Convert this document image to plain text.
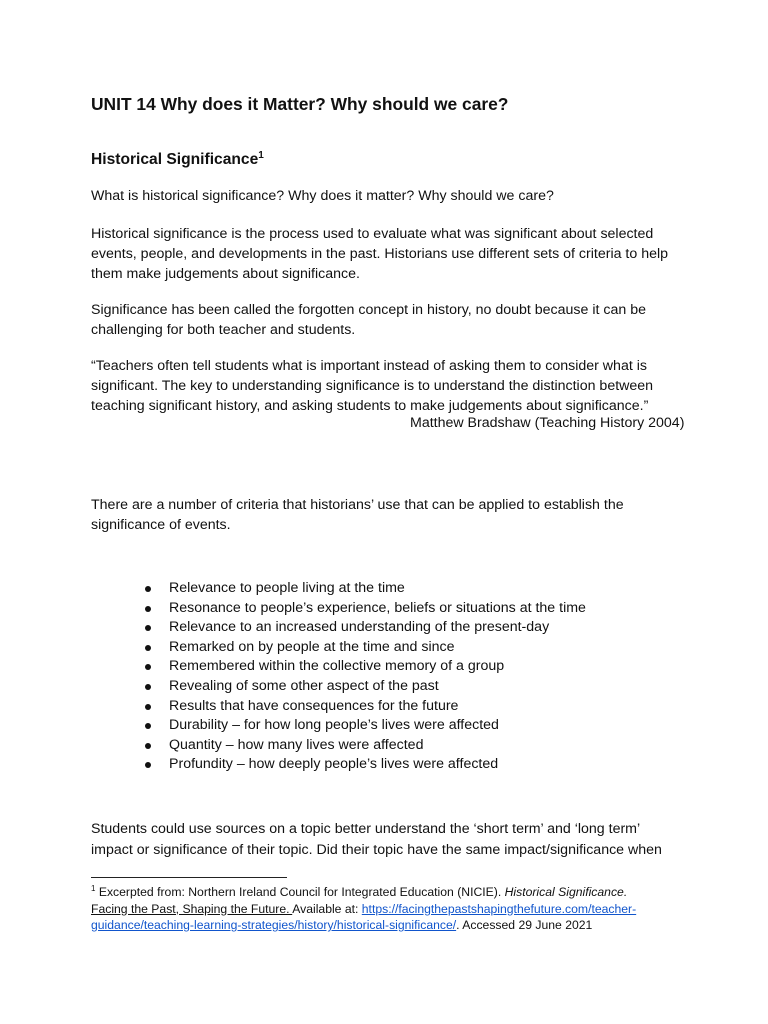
UNIT 14 Why does it Matter? Why should we care?
Historical Significance$^1$
What is historical significance? Why does it matter? Why should we care?
Historical significance is the process used to evaluate what was significant about selected
events, people, and developments in the past. Historians use different sets of criteria to help
them make judgements about significance.
Significance has been called the forgotten concept in history, no doubt because it can be
challenging for both teacher and students.
“Teachers often tell students what is important instead of asking them to consider what is
significant. The key to understanding significance is to understand the distinction between
teaching significant history, and asking students to make judgements about significance.”
Matthew Bradshaw (Teaching History 2004)
There are a number of criteria that historians’ use that can be applied to establish the
significance of events.
Relevance to people living at the time
Resonance to people’s experience, beliefs or situations at the time
Relevance to an increased understanding of the present-day
Remarked on by people at the time and since
Remembered within the collective memory of a group
Revealing of some other aspect of the past
Results that have consequences for the future
Durability – for how long people’s lives were affected
Quantity – how many lives were affected
Profundity – how deeply people’s lives were affected
Students could use sources on a topic better understand the ‘short term’ and ‘long term’
impact or significance of their topic. Did their topic have the same impact/significance when
$^1$ Excerpted from: Northern Ireland Council for Integrated Education (NICIE). Historical Significance.
Facing the Past, Shaping the Future. Available at: https://facingthepastshapingthefuture.com/teacher-
guidance/teaching-learning-strategies/history/historical-significance/. Accessed 29 June 2021
